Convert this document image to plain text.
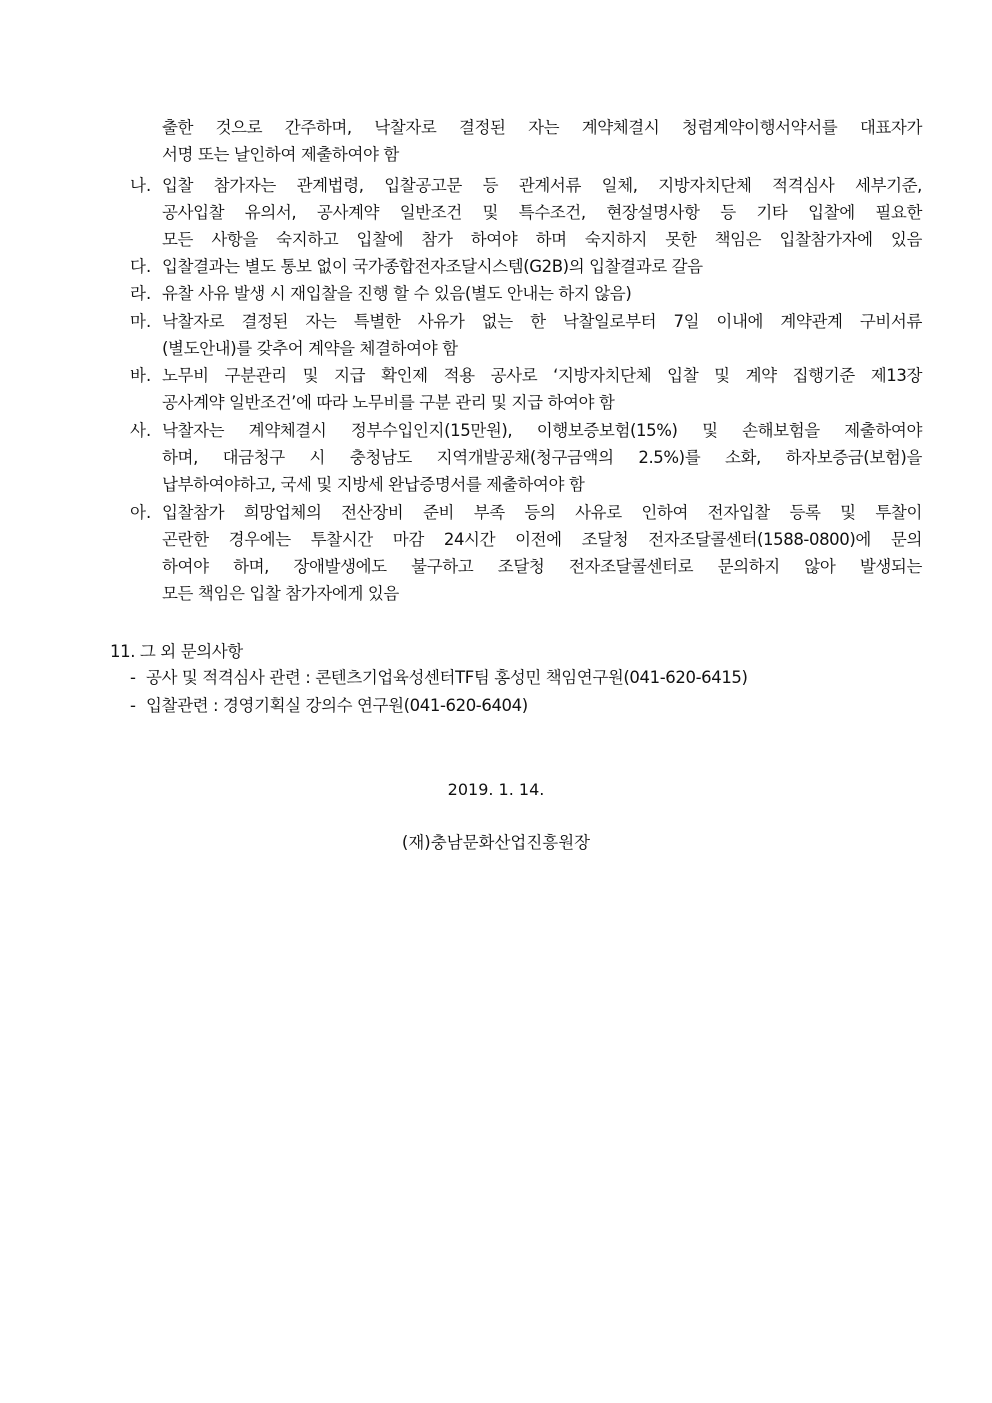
출한 것으로 간주하며, 낙찰자로 결정된 자는 계약체결시 청렴계약이행서약서를 대표자가
서명 또는 날인하여 제출하여야 함
나. 입찰 참가자는 관계법령, 입찰공고문 등 관계서류 일체, 지방자치단체 적격심사 세부기준,
공사입찰 유의서, 공사계약 일반조건 및 특수조건, 현장설명사항 등 기타 입찰에 필요한
모든 사항을 숙지하고 입찰에 참가 하여야 하며 숙지하지 못한 책임은 입찰참가자에 있음
다. 입찰결과는 별도 통보 없이 국가종합전자조달시스템(G2B)의 입찰결과로 갈음
라. 유찰 사유 발생 시 재입찰을 진행 할 수 있음(별도 안내는 하지 않음)
마. 낙찰자로 결정된 자는 특별한 사유가 없는 한 낙찰일로부터 7일 이내에 계약관계 구비서류
(별도안내)를 갖추어 계약을 체결하여야 함
바. 노무비 구분관리 및 지급 확인제 적용 공사로 ‘지방자치단체 입찰 및 계약 집행기준 제13장
공사계약 일반조건’에 따라 노무비를 구분 관리 및 지급 하여야 함
사. 낙찰자는 계약체결시 정부수입인지(15만원), 이행보증보험(15%) 및 손해보험을 제출하여야
하며, 대금청구 시 충청남도 지역개발공채(청구금액의 2.5%)를 소화, 하자보증금(보험)을
납부하여야하고, 국세 및 지방세 완납증명서를 제출하여야 함
아. 입찰참가 희망업체의 전산장비 준비 부족 등의 사유로 인하여 전자입찰 등록 및 투찰이
곤란한 경우에는 투찰시간 마감 24시간 이전에 조달청 전자조달콜센터(1588-0800)에 문의
하여야 하며, 장애발생에도 불구하고 조달청 전자조달콜센터로 문의하지 않아 발생되는
모든 책임은 입찰 참가자에게 있음
11. 그 외 문의사항
- 공사 및 적격심사 관련 : 콘텐츠기업육성센터TF팀 홍성민 책임연구원(041-620-6415)
- 입찰관련 : 경영기획실 강의수 연구원(041-620-6404)
2019. 1. 14.
(재)충남문화산업진흥원장
